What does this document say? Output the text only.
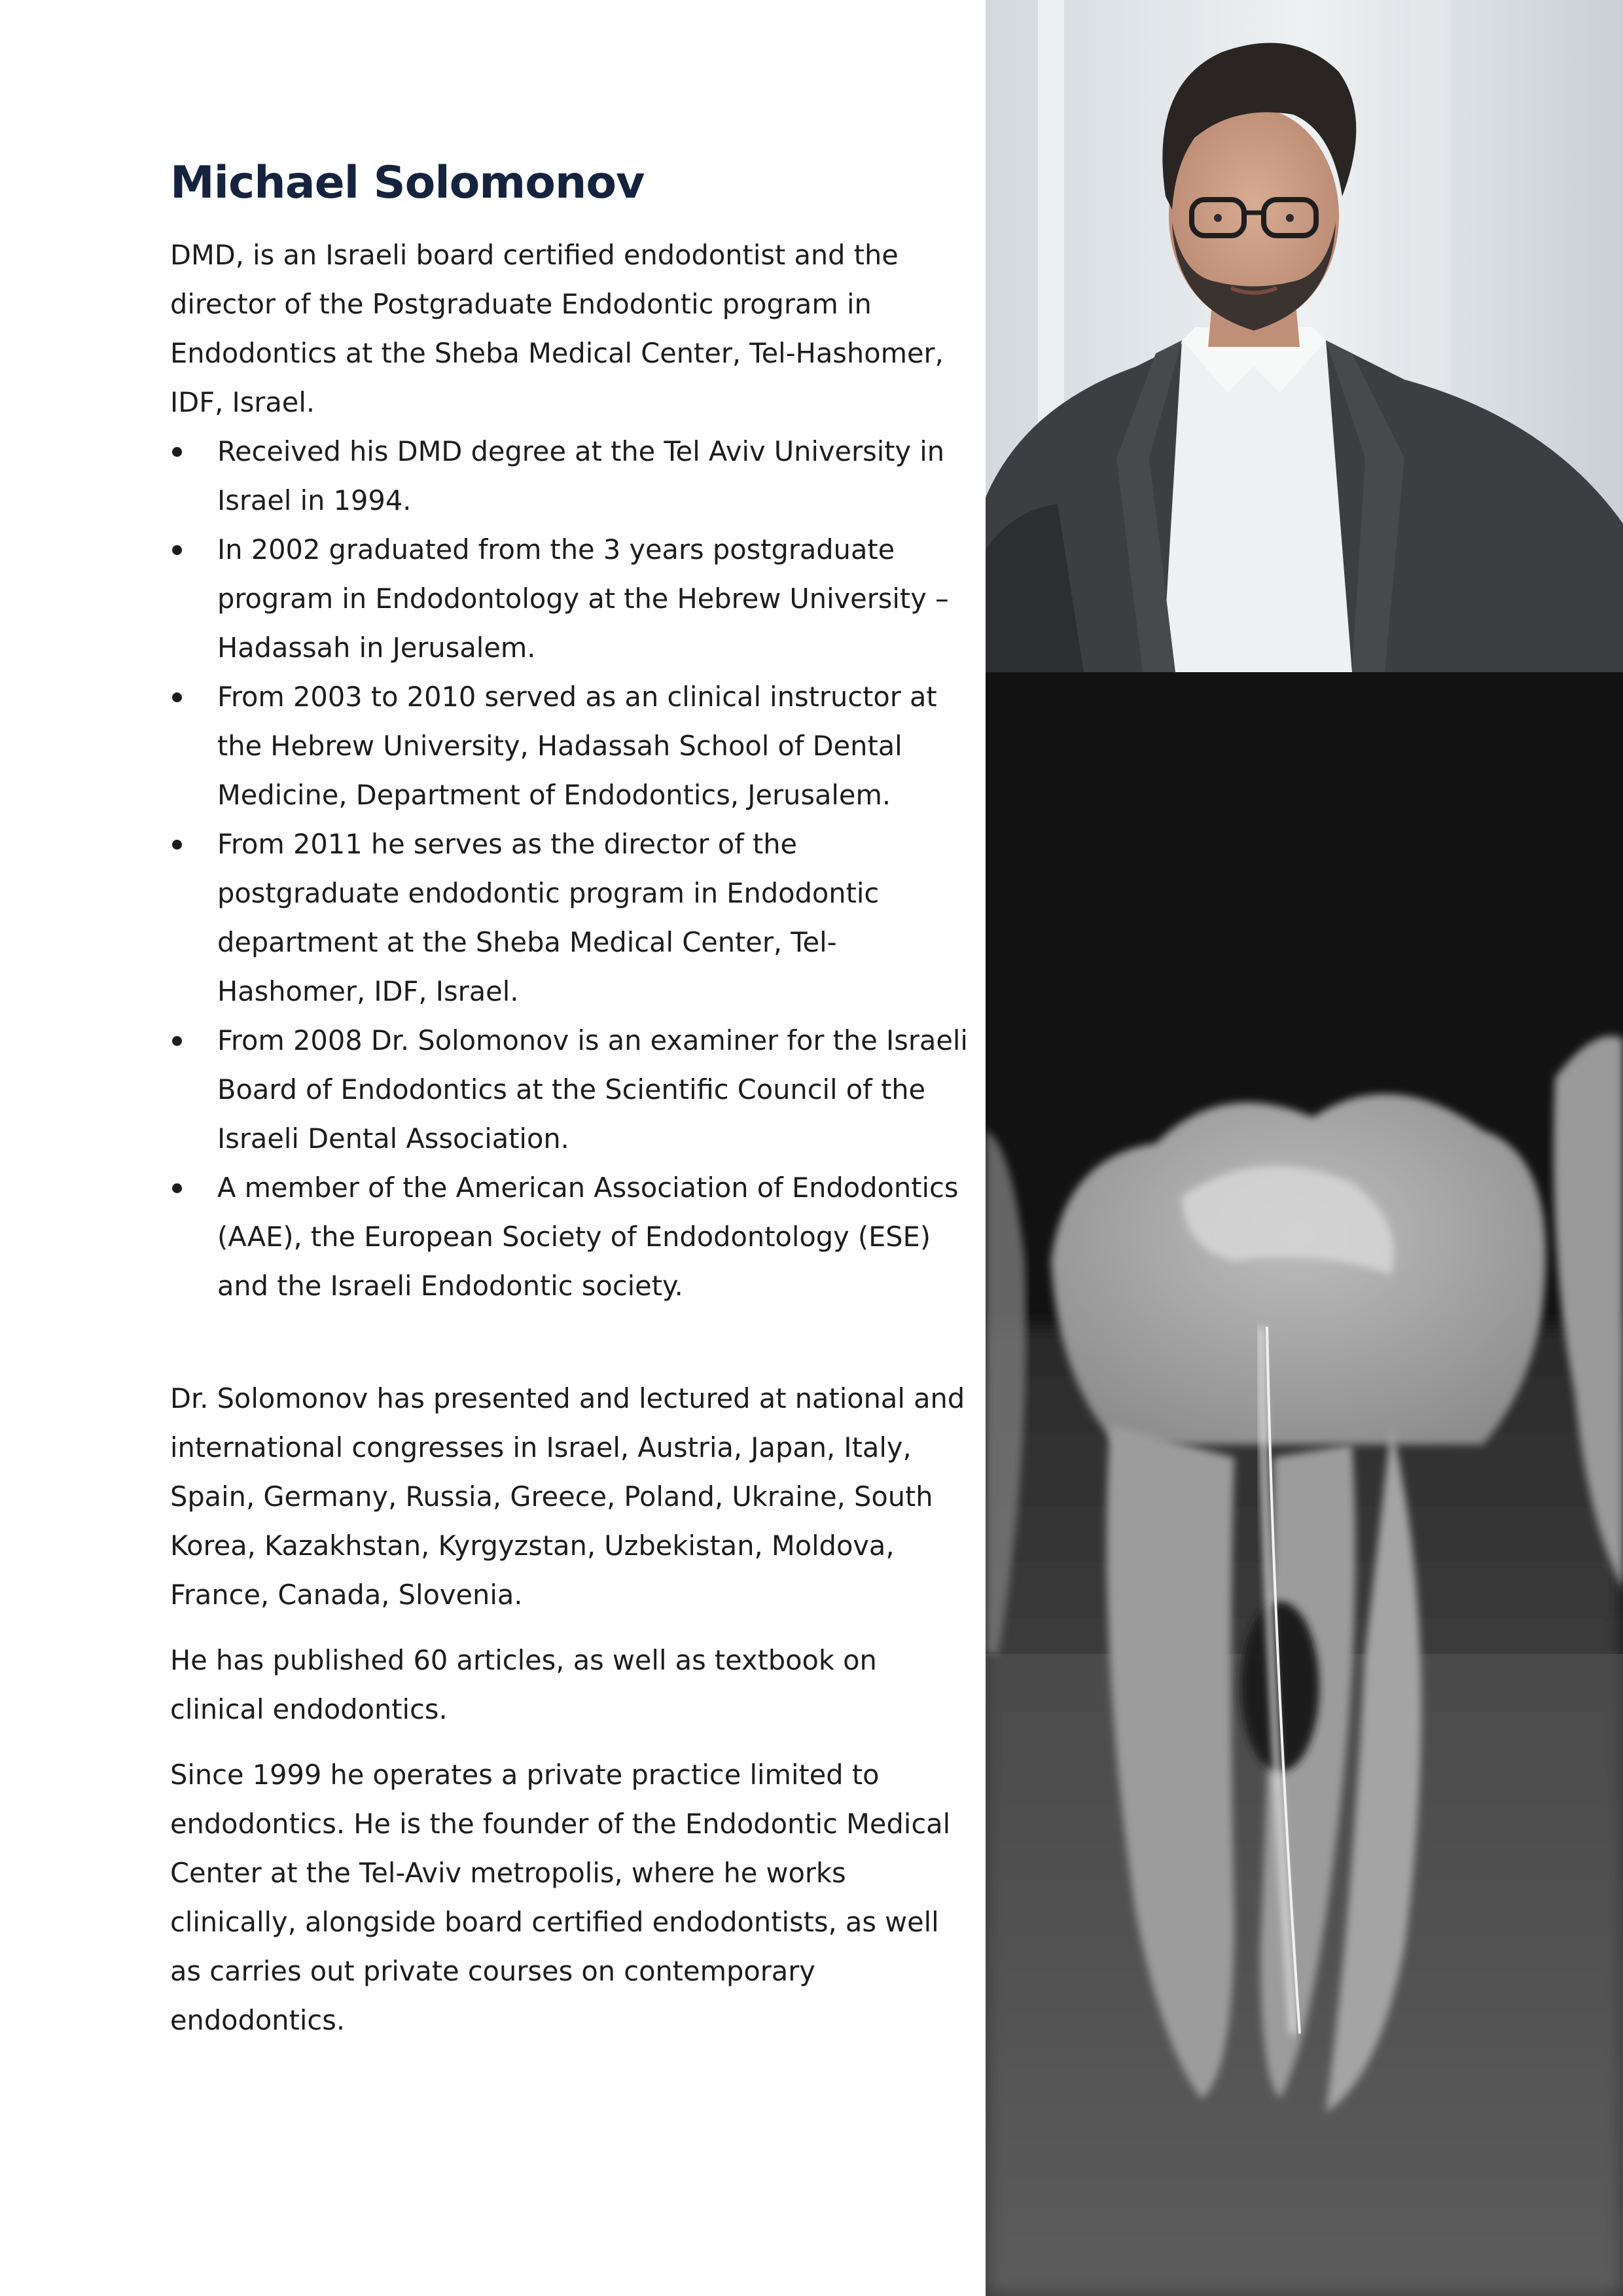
Michael Solomonov

DMD, is an Israeli board certified endodontist and the director of the Postgraduate Endodontic program in Endodontics at the Sheba Medical Center, Tel-Hashomer, IDF, Israel.

Received his DMD degree at the Tel Aviv University in Israel in 1994.
In 2002 graduated from the 3 years postgraduate program in Endodontology at the Hebrew University – Hadassah in Jerusalem.
From 2003 to 2010 served as an clinical instructor at the Hebrew University, Hadassah School of Dental Medicine, Department of Endodontics, Jerusalem.
From 2011 he serves as the director of the postgraduate endodontic program in Endodontic department at the Sheba Medical Center, Tel-Hashomer, IDF, Israel.
From 2008 Dr. Solomonov is an examiner for the Israeli Board of Endodontics at the Scientific Council of the Israeli Dental Association.
A member of the American Association of Endodontics (AAE), the European Society of Endodontology (ESE) and the Israeli Endodontic society.

Dr. Solomonov has presented and lectured at national and international congresses in Israel, Austria, Japan, Italy, Spain, Germany, Russia, Greece, Poland, Ukraine, South Korea, Kazakhstan, Kyrgyzstan, Uzbekistan, Moldova, France, Canada, Slovenia.

He has published 60 articles, as well as textbook on clinical endodontics.

Since 1999 he operates a private practice limited to endodontics. He is the founder of the Endodontic Medical Center at the Tel-Aviv metropolis, where he works clinically, alongside board certified endodontists, as well as carries out private courses on contemporary endodontics.
